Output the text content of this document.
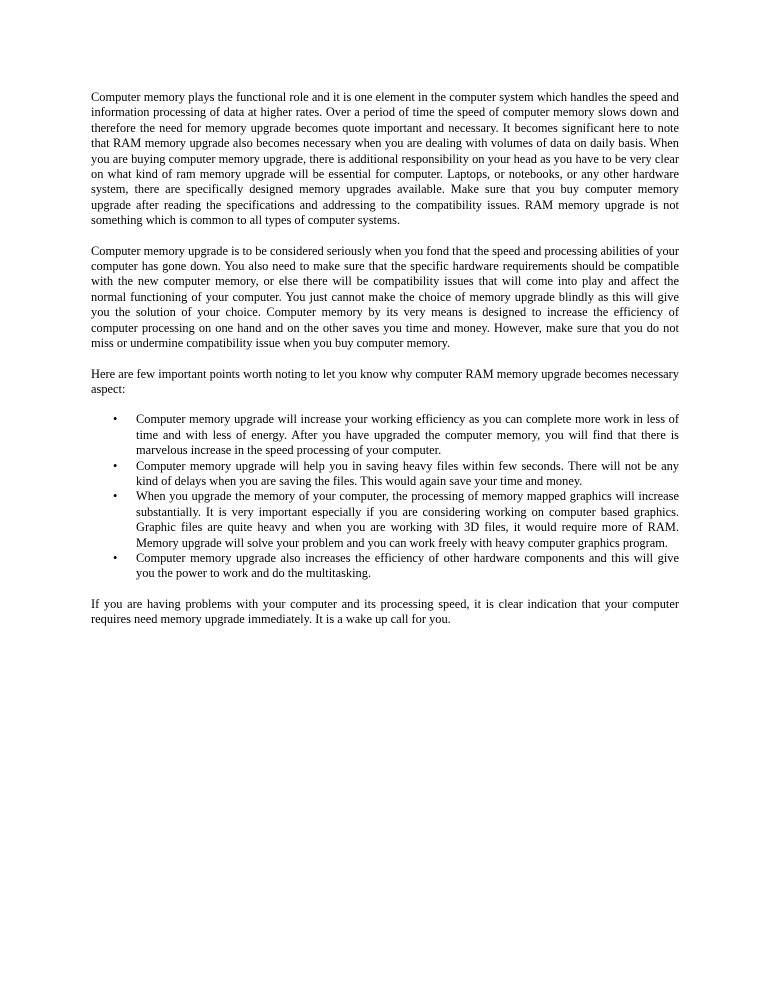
Computer memory plays the functional role and it is one element in the computer system which handles the speed and information processing of data at higher rates. Over a period of time the speed of computer memory slows down and therefore the need for memory upgrade becomes quote important and necessary. It becomes significant here to note that RAM memory upgrade also becomes necessary when you are dealing with volumes of data on daily basis. When you are buying computer memory upgrade, there is additional responsibility on your head as you have to be very clear on what kind of ram memory upgrade will be essential for computer. Laptops, or notebooks, or any other hardware system, there are specifically designed memory upgrades available. Make sure that you buy computer memory upgrade after reading the specifications and addressing to the compatibility issues. RAM memory upgrade is not something which is common to all types of computer systems.

Computer memory upgrade is to be considered seriously when you fond that the speed and processing abilities of your computer has gone down. You also need to make sure that the specific hardware requirements should be compatible with the new computer memory, or else there will be compatibility issues that will come into play and affect the normal functioning of your computer. You just cannot make the choice of memory upgrade blindly as this will give you the solution of your choice. Computer memory by its very means is designed to increase the efficiency of computer processing on one hand and on the other saves you time and money. However, make sure that you do not miss or undermine compatibility issue when you buy computer memory.

Here are few important points worth noting to let you know why computer RAM memory upgrade becomes necessary aspect:

•	Computer memory upgrade will increase your working efficiency as you can complete more work in less of time and with less of energy. After you have upgraded the computer memory, you will find that there is marvelous increase in the speed processing of your computer.
•	Computer memory upgrade will help you in saving heavy files within few seconds. There will not be any kind of delays when you are saving the files. This would again save your time and money.
•	When you upgrade the memory of your computer, the processing of memory mapped graphics will increase substantially. It is very important especially if you are considering working on computer based graphics. Graphic files are quite heavy and when you are working with 3D files, it would require more of RAM. Memory upgrade will solve your problem and you can work freely with heavy computer graphics program.
•	Computer memory upgrade also increases the efficiency of other hardware components and this will give you the power to work and do the multitasking.

If you are having problems with your computer and its processing speed, it is clear indication that your computer requires need memory upgrade immediately. It is a wake up call for you.
